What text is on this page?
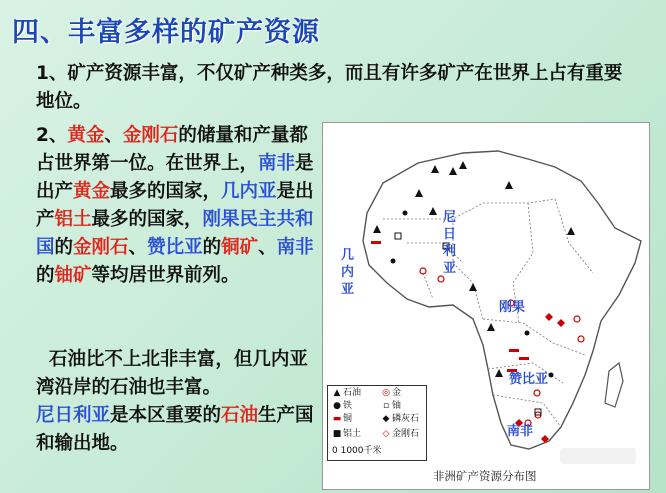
四、丰富多样的矿产资源
1、矿产资源丰富，不仅矿产种类多，而且有许多矿产在世界上占有重要地位。
2、黄金、金刚石的储量和产量都占世界第一位。在世界上，南非是出产黄金最多的国家，几内亚是出产铝土最多的国家，刚果民主共和国的金刚石、赞比亚的铜矿、南非的铀矿等均居世界前列。
石油比不上北非丰富，但几内亚湾沿岸的石油也丰富。
尼日利亚是本区重要的石油生产国和输出地。
几内亚
尼日利亚
刚果
赞比亚
南非
▲ 石油 ◎ 金
● 铁	▫ 铀
▬ 铜	◆ 磷灰石
■ 铝土 ◇ 金刚石
0 1000千米
非洲矿产资源分布图
